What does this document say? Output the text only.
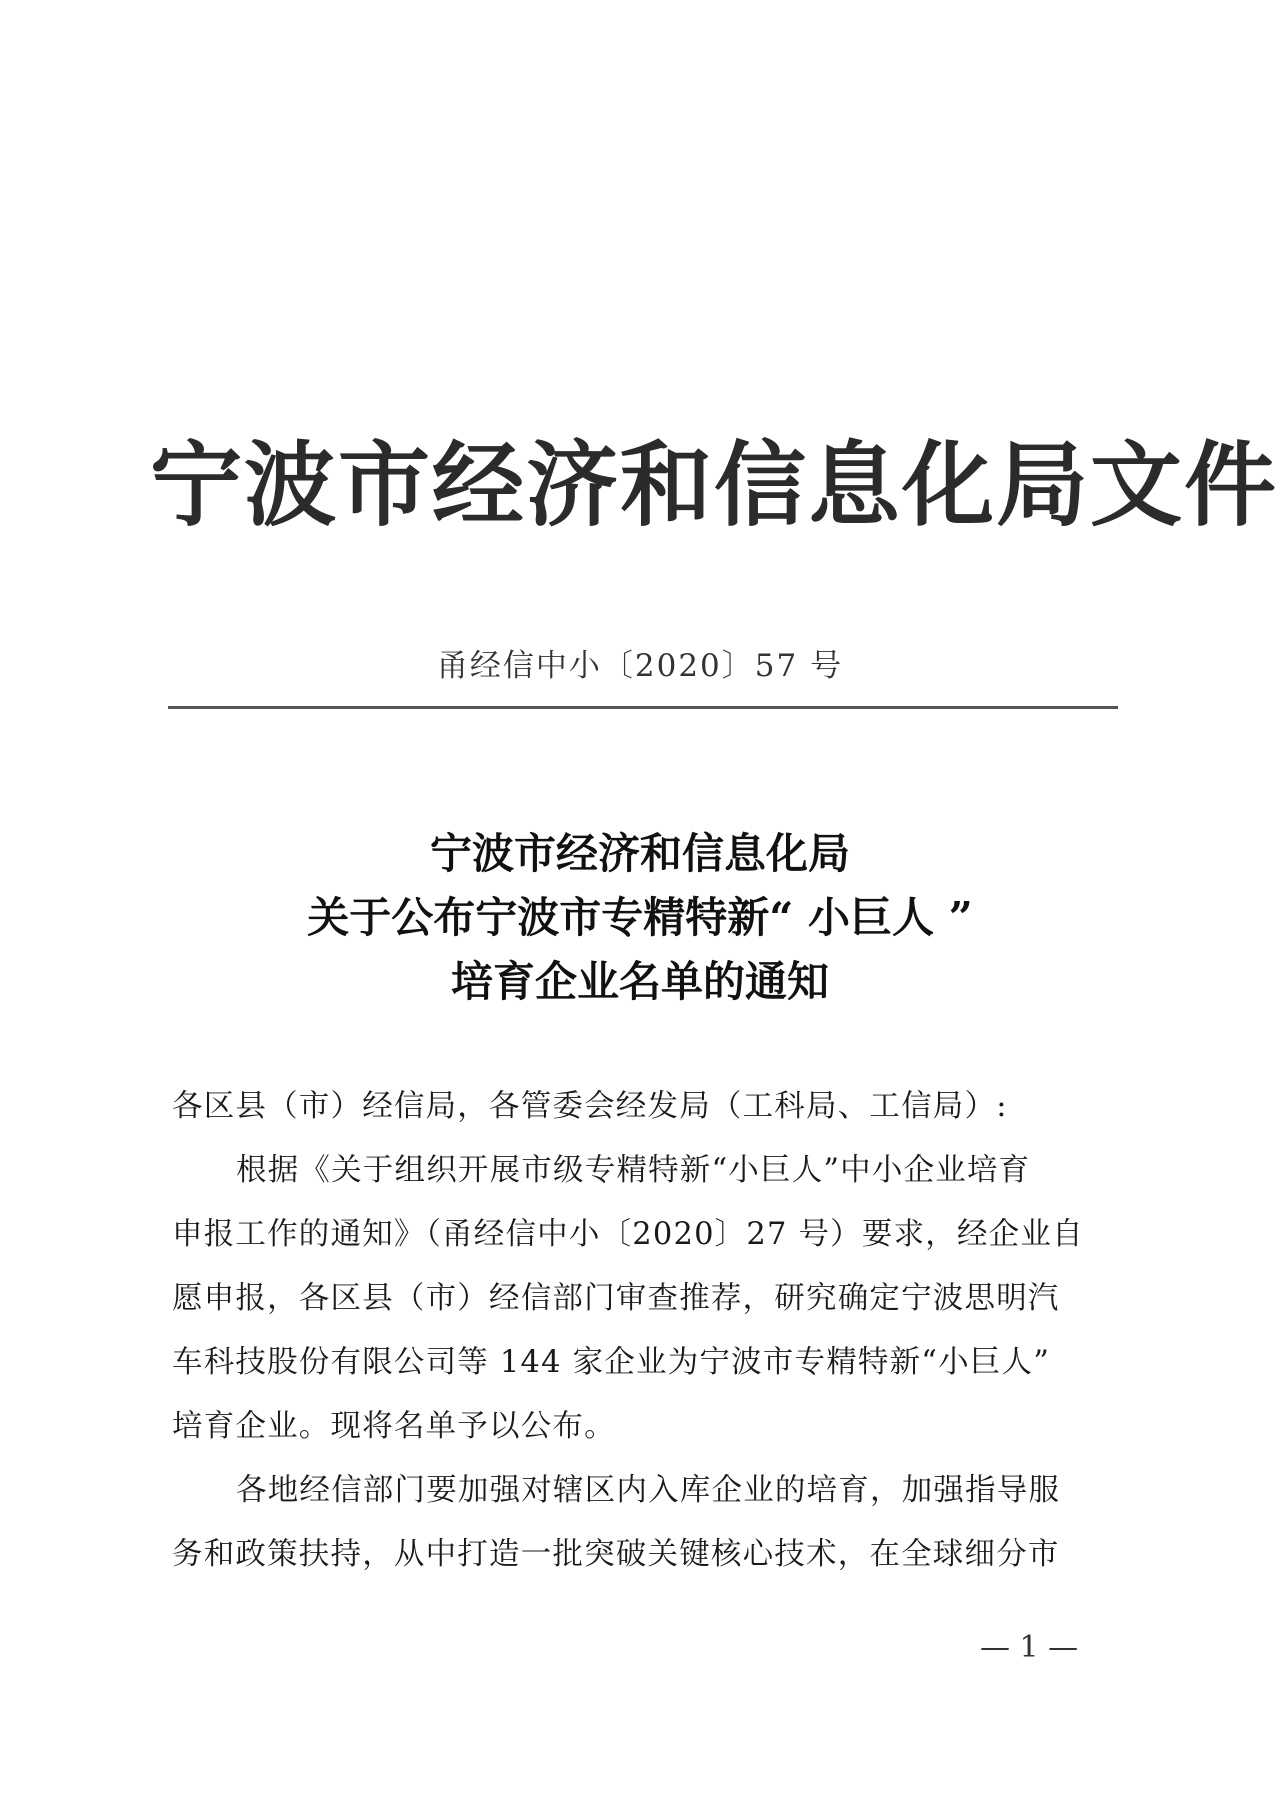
宁波市经济和信息化局文件
甬经信中小〔2020〕57 号
宁波市经济和信息化局
关于公布宁波市专精特新“ 小巨人 ”
培育企业名单的通知
各区县（市）经信局，各管委会经发局（工科局、工信局）:
根据《关于组织开展市级专精特新“小巨人”中小企业培育
申报工作的通知》（甬经信中小〔2020〕27 号）要求，经企业自
愿申报，各区县（市）经信部门审查推荐，研究确定宁波思明汽
车科技股份有限公司等 144 家企业为宁波市专精特新“小巨人”
培育企业。现将名单予以公布。
各地经信部门要加强对辖区内入库企业的培育，加强指导服
务和政策扶持，从中打造一批突破关键核心技术，在全球细分市
— 1 —
